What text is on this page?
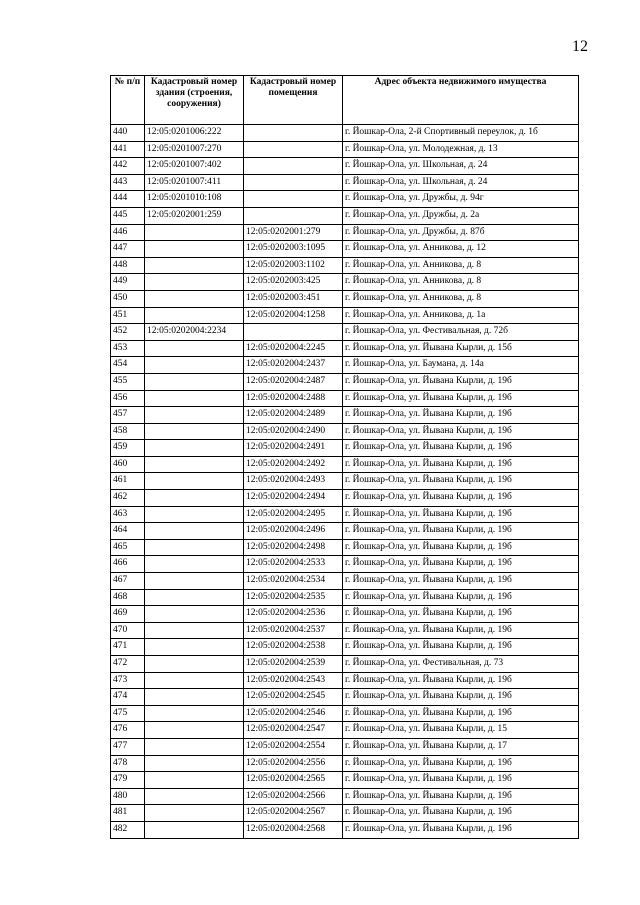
12
№ п/п	Кадастровый номер здания (строения, сооружения)	Кадастровый номер помещения	Адрес объекта недвижимого имущества
440	12:05:0201006:222		г. Йошкар-Ола, 2-й Спортивный переулок, д. 1б
441	12:05:0201007:270		г. Йошкар-Ола, ул. Молодежная, д. 13
442	12:05:0201007:402		г. Йошкар-Ола, ул. Школьная, д. 24
443	12:05:0201007:411		г. Йошкар-Ола, ул. Школьная, д. 24
444	12:05:0201010:108		г. Йошкар-Ола, ул. Дружбы, д. 94г
445	12:05:0202001:259		г. Йошкар-Ола, ул. Дружбы, д. 2а
446		12:05:0202001:279	г. Йошкар-Ола, ул. Дружбы, д. 87б
447		12:05:0202003:1095	г. Йошкар-Ола, ул. Анникова, д. 12
448		12:05:0202003:1102	г. Йошкар-Ола, ул. Анникова, д. 8
449		12:05:0202003:425	г. Йошкар-Ола, ул. Анникова, д. 8
450		12:05:0202003:451	г. Йошкар-Ола, ул. Анникова, д. 8
451		12:05:0202004:1258	г. Йошкар-Ола, ул. Анникова, д. 1а
452	12:05:0202004:2234		г. Йошкар-Ола, ул. Фестивальная, д. 72б
453		12:05:0202004:2245	г. Йошкар-Ола, ул. Йывана Кырли, д. 15б
454		12:05:0202004:2437	г. Йошкар-Ола, ул. Баумана, д. 14а
455		12:05:0202004:2487	г. Йошкар-Ола, ул. Йывана Кырли, д. 19б
456		12:05:0202004:2488	г. Йошкар-Ола, ул. Йывана Кырли, д. 19б
457		12:05:0202004:2489	г. Йошкар-Ола, ул. Йывана Кырли, д. 19б
458		12:05:0202004:2490	г. Йошкар-Ола, ул. Йывана Кырли, д. 19б
459		12:05:0202004:2491	г. Йошкар-Ола, ул. Йывана Кырли, д. 19б
460		12:05:0202004:2492	г. Йошкар-Ола, ул. Йывана Кырли, д. 19б
461		12:05:0202004:2493	г. Йошкар-Ола, ул. Йывана Кырли, д. 19б
462		12:05:0202004:2494	г. Йошкар-Ола, ул. Йывана Кырли, д. 19б
463		12:05:0202004:2495	г. Йошкар-Ола, ул. Йывана Кырли, д. 19б
464		12:05:0202004:2496	г. Йошкар-Ола, ул. Йывана Кырли, д. 19б
465		12:05:0202004:2498	г. Йошкар-Ола, ул. Йывана Кырли, д. 19б
466		12:05:0202004:2533	г. Йошкар-Ола, ул. Йывана Кырли, д. 19б
467		12:05:0202004:2534	г. Йошкар-Ола, ул. Йывана Кырли, д. 19б
468		12:05:0202004:2535	г. Йошкар-Ола, ул. Йывана Кырли, д. 19б
469		12:05:0202004:2536	г. Йошкар-Ола, ул. Йывана Кырли, д. 19б
470		12:05:0202004:2537	г. Йошкар-Ола, ул. Йывана Кырли, д. 19б
471		12:05:0202004:2538	г. Йошкар-Ола, ул. Йывана Кырли, д. 19б
472		12:05:0202004:2539	г. Йошкар-Ола, ул. Фестивальная, д. 73
473		12:05:0202004:2543	г. Йошкар-Ола, ул. Йывана Кырли, д. 19б
474		12:05:0202004:2545	г. Йошкар-Ола, ул. Йывана Кырли, д. 19б
475		12:05:0202004:2546	г. Йошкар-Ола, ул. Йывана Кырли, д. 19б
476		12:05:0202004:2547	г. Йошкар-Ола, ул. Йывана Кырли, д. 15
477		12:05:0202004:2554	г. Йошкар-Ола, ул. Йывана Кырли, д. 17
478		12:05:0202004:2556	г. Йошкар-Ола, ул. Йывана Кырли, д. 19б
479		12:05:0202004:2565	г. Йошкар-Ола, ул. Йывана Кырли, д. 19б
480		12:05:0202004:2566	г. Йошкар-Ола, ул. Йывана Кырли, д. 19б
481		12:05:0202004:2567	г. Йошкар-Ола, ул. Йывана Кырли, д. 19б
482		12:05:0202004:2568	г. Йошкар-Ола, ул. Йывана Кырли, д. 19б
